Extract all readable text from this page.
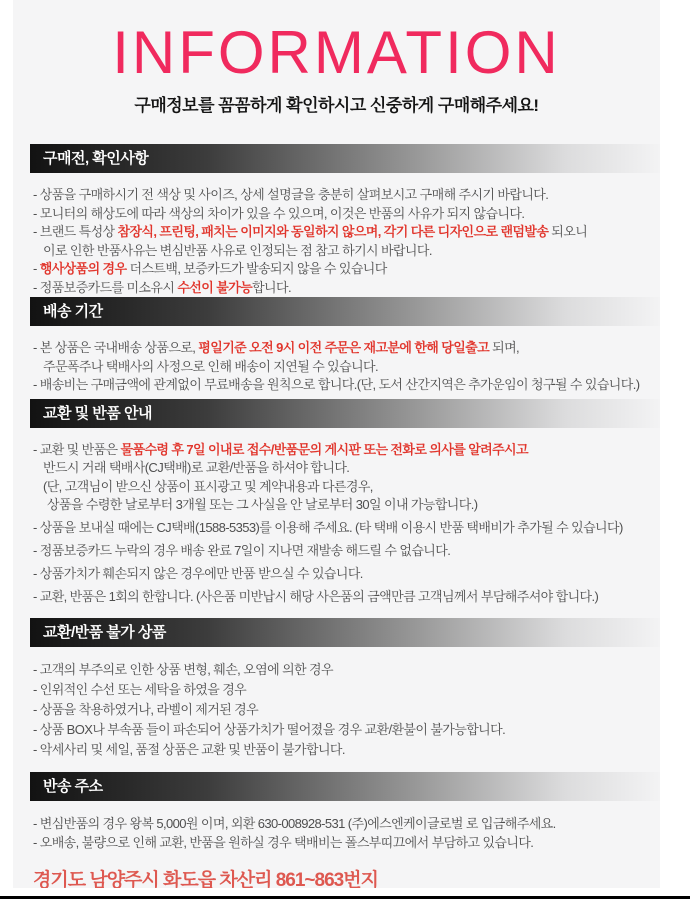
INFORMATION
구매정보를 꼼꼼하게 확인하시고 신중하게 구매해주세요!
구매전, 확인사항

- 상품을 구매하시기 전 색상 및 사이즈, 상세 설명글을 충분히 살펴보시고 구매해 주시기 바랍니다.

- 모니터의 해상도에 따라 색상의 차이가 있을 수 있으며, 이것은 반품의 사유가 되지 않습니다.

- 브랜드 특성상 참장식, 프린팅, 패치는 이미지와 동일하지 않으며, 각기 다른 디자인으로 랜덤발송 되오니

이로 인한 반품사유는 변심반품 사유로 인정되는 점 참고 하기시 바랍니다.

- 행사상품의 경우 더스트백, 보증카드가 발송되지 않을 수 있습니다

- 정품보증카드를 미소유시 수선이 불가능합니다.

배송 기간

- 본 상품은 국내배송 상품으로, 평일기준 오전 9시 이전 주문은 재고분에 한해 당일출고 되며,

주문폭주나 택배사의 사정으로 인해 배송이 지연될 수 있습니다.

- 배송비는 구매금액에 관계없이 무료배송을 원칙으로 합니다.(단, 도서 산간지역은 추가운임이 청구될 수 있습니다.)

교환 및 반품 안내

- 교환 및 반품은 물품수령 후 7일 이내로 접수/반품문의 게시판 또는 전화로 의사를 알려주시고

반드시 거래 택배사(CJ택배)로 교환/반품을 하셔야 합니다.

(단, 고객님이 받으신 상품이 표시광고 및 계약내용과 다른경우,

상품을 수령한 날로부터 3개월 또는 그 사실을 안 날로부터 30일 이내 가능합니다.)

- 상품을 보내실 때에는 CJ택배(1588-5353)를 이용해 주세요. (타 택배 이용시 반품 택배비가 추가될 수 있습니다)

- 정품보증카드 누락의 경우 배송 완료 7일이 지나면 재발송 해드릴 수 없습니다.

- 상품가치가 훼손되지 않은 경우에만 반품 받으실 수 있습니다.

- 교환, 반품은 1회의 한합니다. (사은품 미반납시 해당 사은품의 금액만큼 고객님께서 부담해주셔야 합니다.)

교환/반품 불가 상품

- 고객의 부주의로 인한 상품 변형, 훼손, 오염에 의한 경우

- 인위적인 수선 또는 세탁을 하였을 경우

- 상품을 착용하였거나, 라벨이 제거된 경우

- 상품 BOX나 부속품 들이 파손되어 상품가치가 떨어졌을 경우 교환/환불이 불가능합니다.

- 악세사리 및 세일, 품절 상품은 교환 및 반품이 불가합니다.

반송 주소

- 변심반품의 경우 왕복 5,000원 이며, 외환 630-008928-531 (주)에스엔케이글로벌 로 입금해주세요.

- 오배송, 불량으로 인해 교환, 반품을 원하실 경우 택배비는 폴스부띠끄에서 부담하고 있습니다.

경기도 남양주시 화도읍 차산리 861~863번지
